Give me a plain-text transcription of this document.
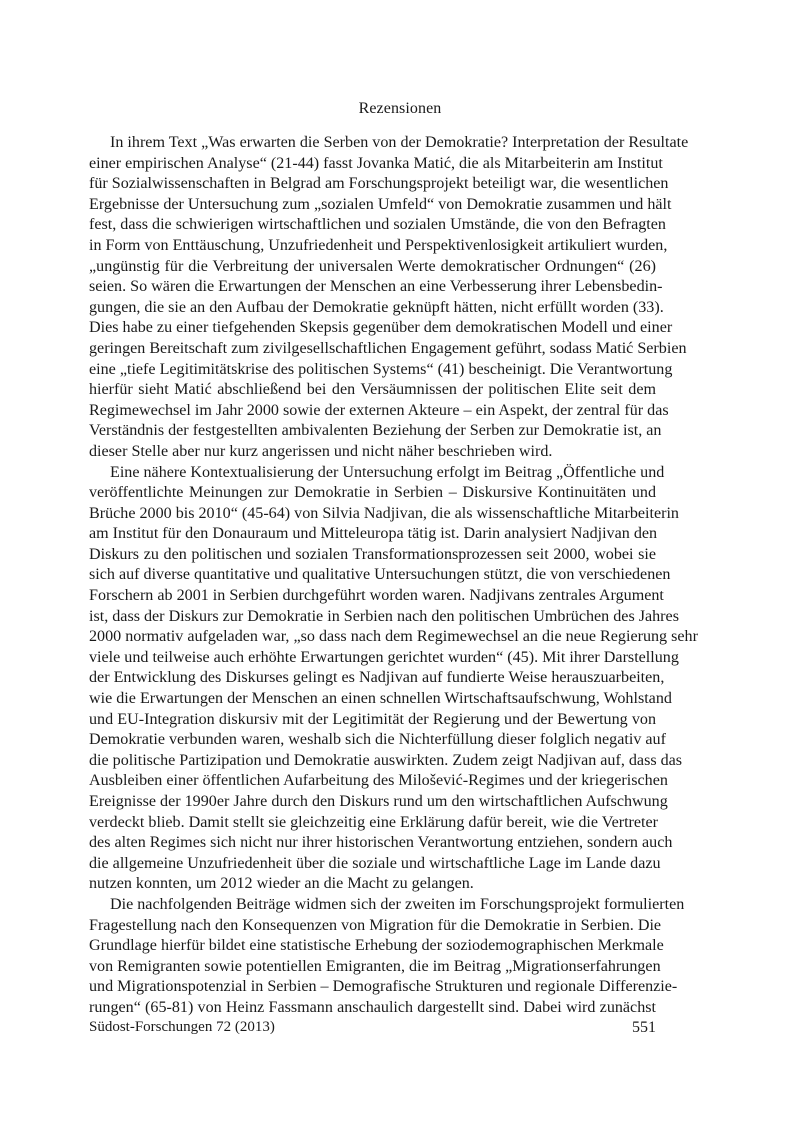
Rezensionen
In ihrem Text „Was erwarten die Serben von der Demokratie? Interpretation der Resultate
einer empirischen Analyse“ (21-44) fasst Jovanka Matić, die als Mitarbeiterin am Institut
für Sozialwissenschaften in Belgrad am Forschungsprojekt beteiligt war, die wesentlichen
Ergebnisse der Untersuchung zum „sozialen Umfeld“ von Demokratie zusammen und hält
fest, dass die schwierigen wirtschaftlichen und sozialen Umstände, die von den Befragten
in Form von Enttäuschung, Unzufriedenheit und Perspektivenlosigkeit artikuliert wurden,
„ungünstig für die Verbreitung der universalen Werte demokratischer Ordnungen“ (26)
seien. So wären die Erwartungen der Menschen an eine Verbesserung ihrer Lebensbedin-
gungen, die sie an den Aufbau der Demokratie geknüpft hätten, nicht erfüllt worden (33).
Dies habe zu einer tiefgehenden Skepsis gegenüber dem demokratischen Modell und einer
geringen Bereitschaft zum zivilgesellschaftlichen Engagement geführt, sodass Matić Serbien
eine „tiefe Legitimitätskrise des politischen Systems“ (41) bescheinigt. Die Verantwortung
hierfür sieht Matić abschließend bei den Versäumnissen der politischen Elite seit dem
Regimewechsel im Jahr 2000 sowie der externen Akteure – ein Aspekt, der zentral für das
Verständnis der festgestellten ambivalenten Beziehung der Serben zur Demokratie ist, an
dieser Stelle aber nur kurz angerissen und nicht näher beschrieben wird.
Eine nähere Kontextualisierung der Untersuchung erfolgt im Beitrag „Öffentliche und
veröffentlichte Meinungen zur Demokratie in Serbien – Diskursive Kontinuitäten und
Brüche 2000 bis 2010“ (45-64) von Silvia Nadjivan, die als wissenschaftliche Mitarbeiterin
am Institut für den Donauraum und Mitteleuropa tätig ist. Darin analysiert Nadjivan den
Diskurs zu den politischen und sozialen Transformationsprozessen seit 2000, wobei sie
sich auf diverse quantitative und qualitative Untersuchungen stützt, die von verschiedenen
Forschern ab 2001 in Serbien durchgeführt worden waren. Nadjivans zentrales Argument
ist, dass der Diskurs zur Demokratie in Serbien nach den politischen Umbrüchen des Jahres
2000 normativ aufgeladen war, „so dass nach dem Regimewechsel an die neue Regierung sehr
viele und teilweise auch erhöhte Erwartungen gerichtet wurden“ (45). Mit ihrer Darstellung
der Entwicklung des Diskurses gelingt es Nadjivan auf fundierte Weise herauszuarbeiten,
wie die Erwartungen der Menschen an einen schnellen Wirtschaftsaufschwung, Wohlstand
und EU-Integration diskursiv mit der Legitimität der Regierung und der Bewertung von
Demokratie verbunden waren, weshalb sich die Nichterfüllung dieser folglich negativ auf
die politische Partizipation und Demokratie auswirkten. Zudem zeigt Nadjivan auf, dass das
Ausbleiben einer öffentlichen Aufarbeitung des Milošević-Regimes und der kriegerischen
Ereignisse der 1990er Jahre durch den Diskurs rund um den wirtschaftlichen Aufschwung
verdeckt blieb. Damit stellt sie gleichzeitig eine Erklärung dafür bereit, wie die Vertreter
des alten Regimes sich nicht nur ihrer historischen Verantwortung entziehen, sondern auch
die allgemeine Unzufriedenheit über die soziale und wirtschaftliche Lage im Lande dazu
nutzen konnten, um 2012 wieder an die Macht zu gelangen.
Die nachfolgenden Beiträge widmen sich der zweiten im Forschungsprojekt formulierten
Fragestellung nach den Konsequenzen von Migration für die Demokratie in Serbien. Die
Grundlage hierfür bildet eine statistische Erhebung der soziodemographischen Merkmale
von Remigranten sowie potentiellen Emigranten, die im Beitrag „Migrationserfahrungen
und Migrationspotenzial in Serbien – Demografische Strukturen und regionale Differenzie-
rungen“ (65-81) von Heinz Fassmann anschaulich dargestellt sind. Dabei wird zunächst
Südost-Forschungen 72 (2013)	551
